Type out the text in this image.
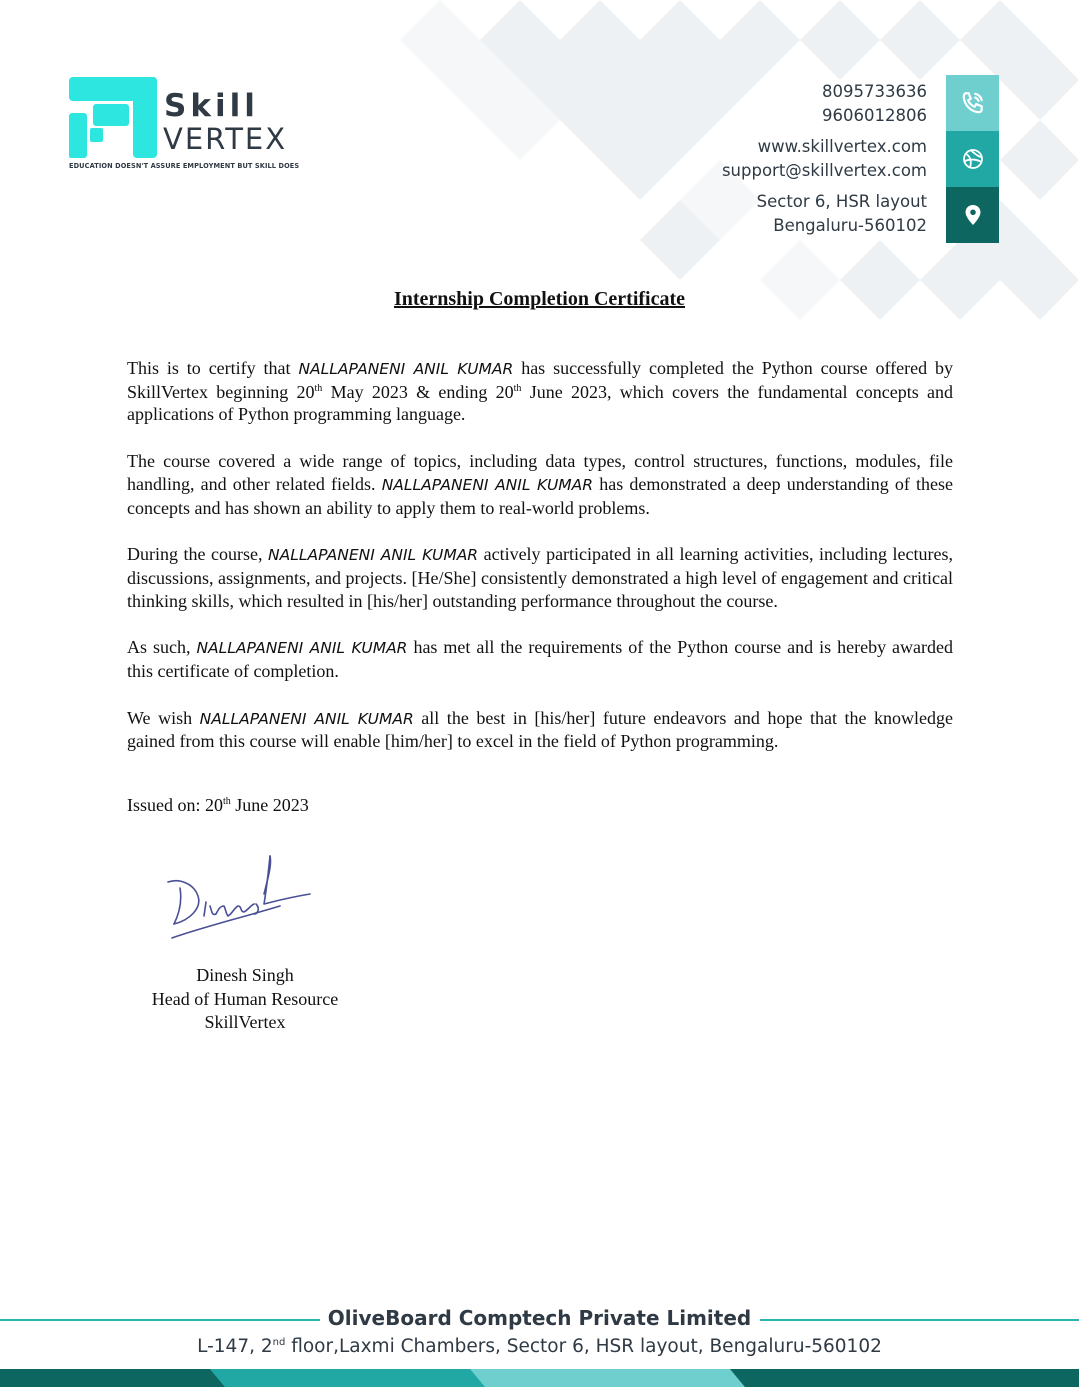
Skill
VERTEX
EDUCATION DOESN'T ASSURE EMPLOYMENT BUT SKILL DOES
8095733636
9606012806
www.skillvertex.com
support@skillvertex.com
Sector 6, HSR layout
Bengaluru-560102
Internship Completion Certificate

This is to certify that NALLAPANENI ANIL KUMAR has successfully completed the Python course offered by SkillVertex beginning 20th May 2023 & ending 20th June 2023, which covers the fundamental concepts and applications of Python programming language.

The course covered a wide range of topics, including data types, control structures, functions, modules, file handling, and other related fields. NALLAPANENI ANIL KUMAR has demonstrated a deep understanding of these concepts and has shown an ability to apply them to real-world problems.

During the course, NALLAPANENI ANIL KUMAR actively participated in all learning activities, including lectures, discussions, assignments, and projects. [He/She] consistently demonstrated a high level of engagement and critical thinking skills, which resulted in [his/her] outstanding performance throughout the course.

As such, NALLAPANENI ANIL KUMAR has met all the requirements of the Python course and is hereby awarded this certificate of completion.

We wish NALLAPANENI ANIL KUMAR all the best in [his/her] future endeavors and hope that the knowledge gained from this course will enable [him/her] to excel in the field of Python programming.

Issued on: 20th June 2023
Dinesh Singh
Head of Human Resource
SkillVertex
OliveBoard Comptech Private Limited
L-147, 2nd floor,Laxmi Chambers, Sector 6, HSR layout, Bengaluru-560102
